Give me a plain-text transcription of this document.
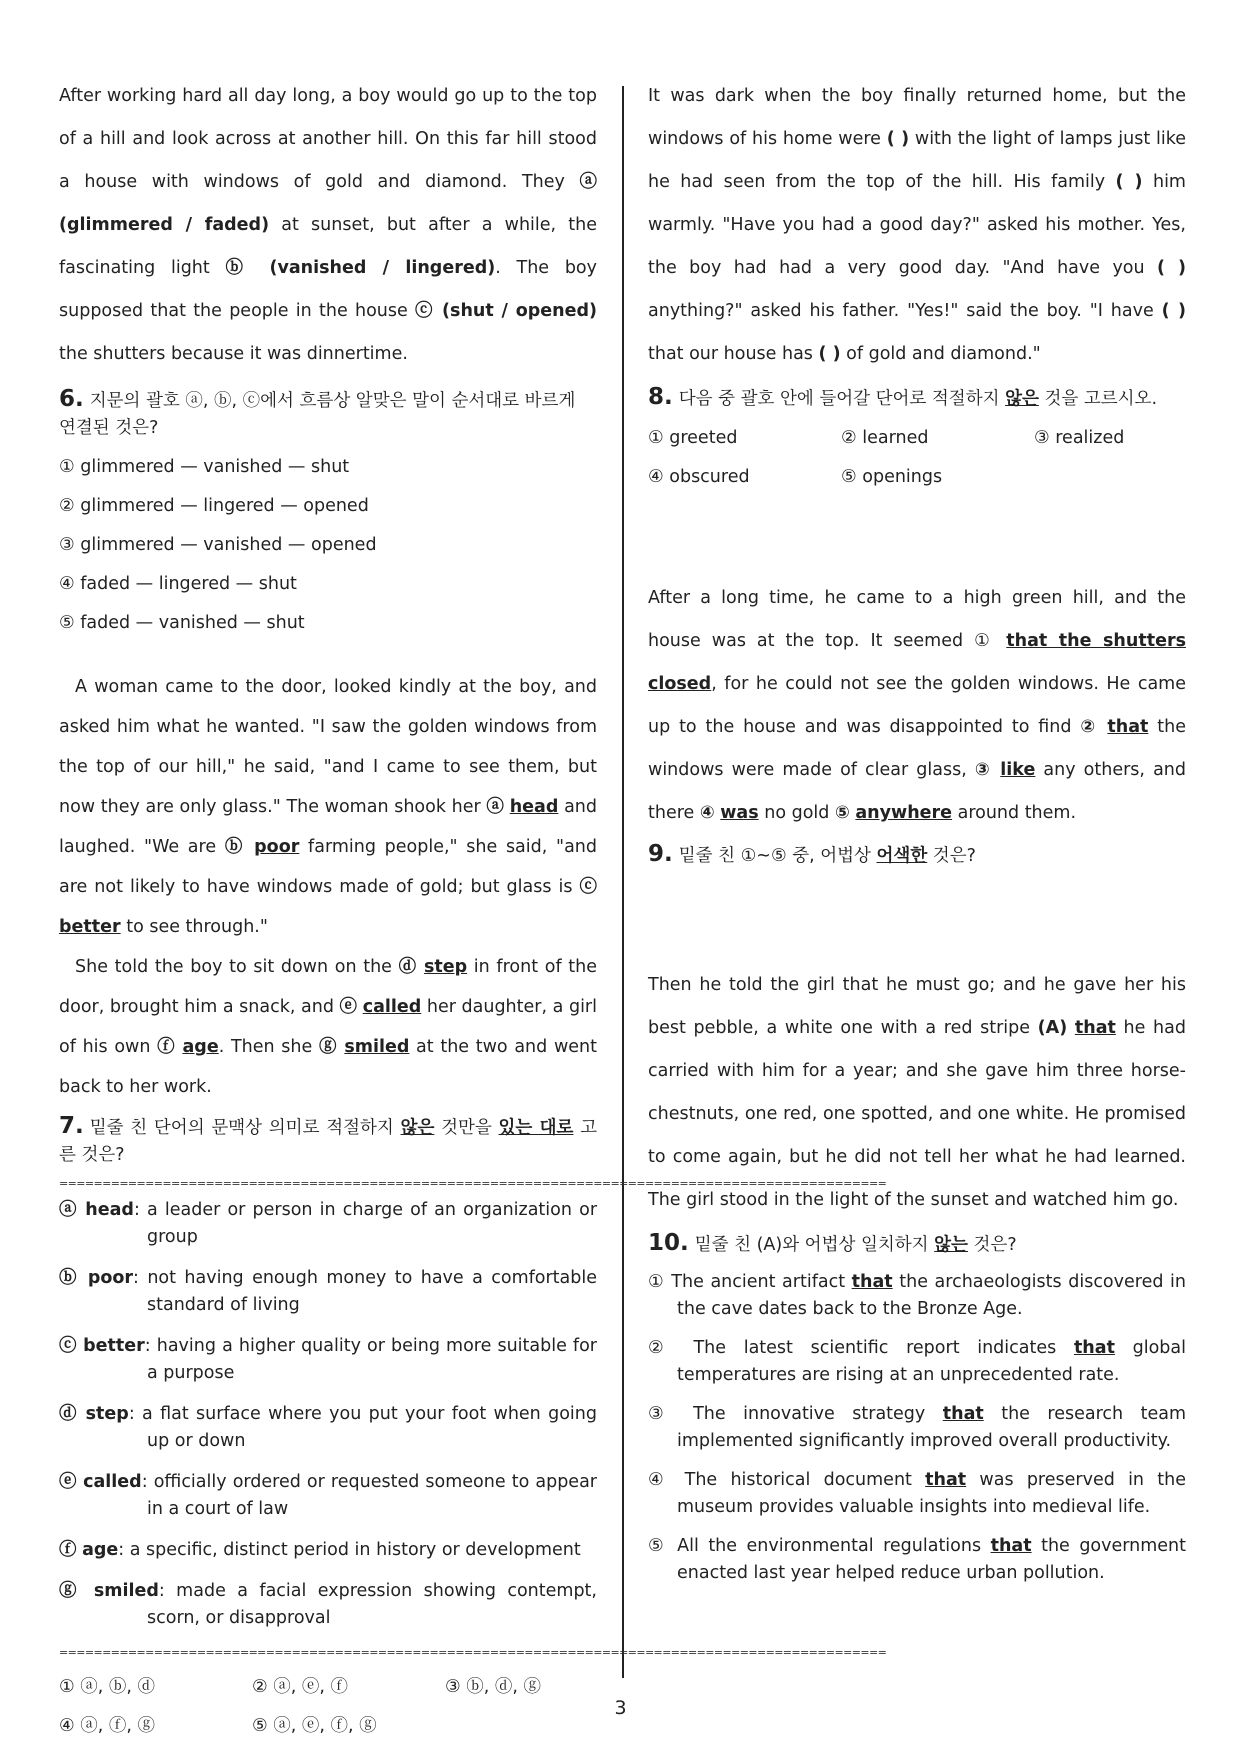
After working hard all day long, a boy would go up to the top of a hill and look across at another hill. On this far hill stood a house with windows of gold and diamond. They ⓐ (glimmered / faded) at sunset, but after a while, the fascinating light ⓑ (vanished / lingered). The boy supposed that the people in the house ⓒ (shut / opened) the shutters because it was dinnertime.

6. 지문의 괄호 ⓐ, ⓑ, ⓒ에서 흐름상 알맞은 말이 순서대로 바르게 연결된 것은?

① glimmered — vanished — shut

② glimmered — lingered — opened

③ glimmered — vanished — opened

④ faded — lingered — shut

⑤ faded — vanished — shut

A woman came to the door, looked kindly at the boy, and asked him what he wanted. "I saw the golden windows from the top of our hill," he said, "and I came to see them, but now they are only glass." The woman shook her ⓐ head and laughed. "We are ⓑ poor farming people," she said, "and are not likely to have windows made of gold; but glass is ⓒ better to see through."

She told the boy to sit down on the ⓓ step in front of the door, brought him a snack, and ⓔ called her daughter, a girl of his own ⓕ age. Then she ⓖ smiled at the two and went back to her work.

7. 밑줄 친 단어의 문맥상 의미로 적절하지 않은 것만을 있는 대로 고른 것은?

================================================================================================
ⓐ head: a leader or person in charge of an organization or group
ⓑ poor: not having enough money to have a comfortable standard of living
ⓒ better: having a higher quality or being more suitable for a purpose
ⓓ step: a flat surface where you put your foot when going up or down
ⓔ called: officially ordered or requested someone to appear in a court of law
ⓕ age: a specific, distinct period in history or development
ⓖ smiled: made a facial expression showing contempt, scorn, or disapproval
================================================================================================
① ⓐ, ⓑ, ⓓ	② ⓐ, ⓔ, ⓕ	③ ⓑ, ⓓ, ⓖ
④ ⓐ, ⓕ, ⓖ	⑤ ⓐ, ⓔ, ⓕ, ⓖ

It was dark when the boy finally returned home, but the windows of his home were ( ) with the light of lamps just like he had seen from the top of the hill. His family ( ) him warmly. "Have you had a good day?" asked his mother. Yes, the boy had had a very good day. "And have you ( ) anything?" asked his father. "Yes!" said the boy. "I have ( ) that our house has ( ) of gold and diamond."

8. 다음 중 괄호 안에 들어갈 단어로 적절하지 않은 것을 고르시오.

① greeted	② learned	③ realized
④ obscured	⑤ openings

After a long time, he came to a high green hill, and the house was at the top. It seemed ① that the shutters closed, for he could not see the golden windows. He came up to the house and was disappointed to find ② that the windows were made of clear glass, ③ like any others, and there ④ was no gold ⑤ anywhere around them.

9. 밑줄 친 ①~⑤ 중, 어법상 어색한 것은?

Then he told the girl that he must go; and he gave her his best pebble, a white one with a red stripe (A) that he had carried with him for a year; and she gave him three horse-chestnuts, one red, one spotted, and one white. He promised to come again, but he did not tell her what he had learned. The girl stood in the light of the sunset and watched him go.

10. 밑줄 친 (A)와 어법상 일치하지 않는 것은?

① The ancient artifact that the archaeologists discovered in the cave dates back to the Bronze Age.

② The latest scientific report indicates that global temperatures are rising at an unprecedented rate.

③ The innovative strategy that the research team implemented significantly improved overall productivity.

④ The historical document that was preserved in the museum provides valuable insights into medieval life.

⑤ All the environmental regulations that the government enacted last year helped reduce urban pollution.

3
